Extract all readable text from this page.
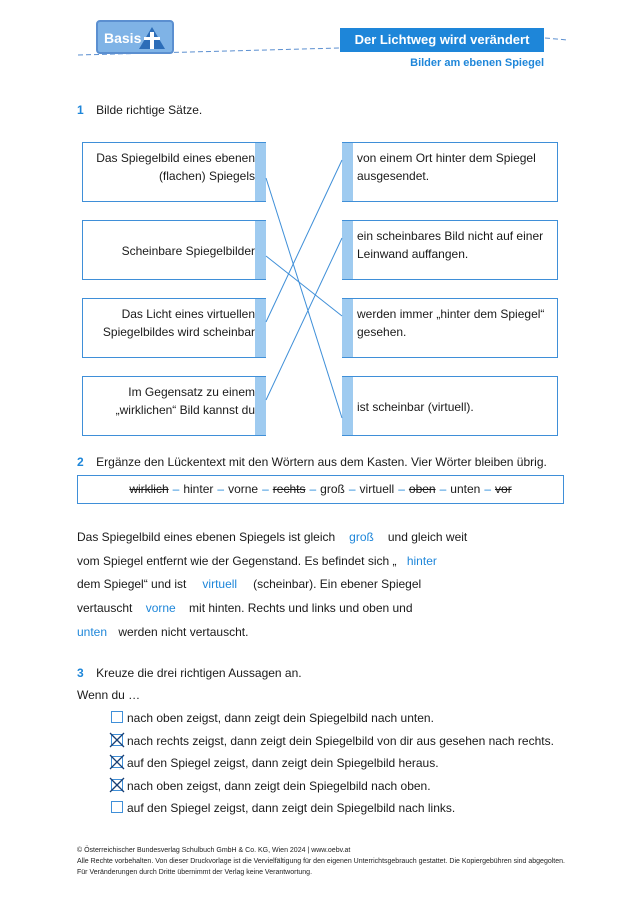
Basis	Der Lichtweg wird verändert
Bilder am ebenen Spiegel
1 Bilde richtige Sätze.
Das Spiegelbild eines ebenen (flachen) Spiegels
Scheinbare Spiegelbilder
Das Licht eines virtuellen Spiegelbildes wird scheinbar
Im Gegensatz zu einem „wirklichen“ Bild kannst du
von einem Ort hinter dem Spiegel ausgesendet.
ein scheinbares Bild nicht auf einer Leinwand auffangen.
werden immer „hinter dem Spiegel“ gesehen.
ist scheinbar (virtuell).
2 Ergänze den Lückentext mit den Wörtern aus dem Kasten. Vier Wörter bleiben übrig.
wirklich – hinter – vorne – rechts – groß – virtuell – oben – unten – vor
Das Spiegelbild eines ebenen Spiegels ist gleich groß und gleich weit
vom Spiegel entfernt wie der Gegenstand. Es befindet sich „ hinter
dem Spiegel“ und ist virtuell (scheinbar). Ein ebener Spiegel
vertauscht vorne mit hinten. Rechts und links und oben und
unten werden nicht vertauscht.
3 Kreuze die drei richtigen Aussagen an.
Wenn du …
nach oben zeigst, dann zeigt dein Spiegelbild nach unten.
nach rechts zeigst, dann zeigt dein Spiegelbild von dir aus gesehen nach rechts.
auf den Spiegel zeigst, dann zeigt dein Spiegelbild heraus.
nach oben zeigst, dann zeigt dein Spiegelbild nach oben.
auf den Spiegel zeigst, dann zeigt dein Spiegelbild nach links.
© Österreichischer Bundesverlag Schulbuch GmbH & Co. KG, Wien 2024 | www.oebv.at
Alle Rechte vorbehalten. Von dieser Druckvorlage ist die Vervielfältigung für den eigenen Unterrichtsgebrauch gestattet. Die Kopiergebühren sind abgegolten.
Für Veränderungen durch Dritte übernimmt der Verlag keine Verantwortung.
